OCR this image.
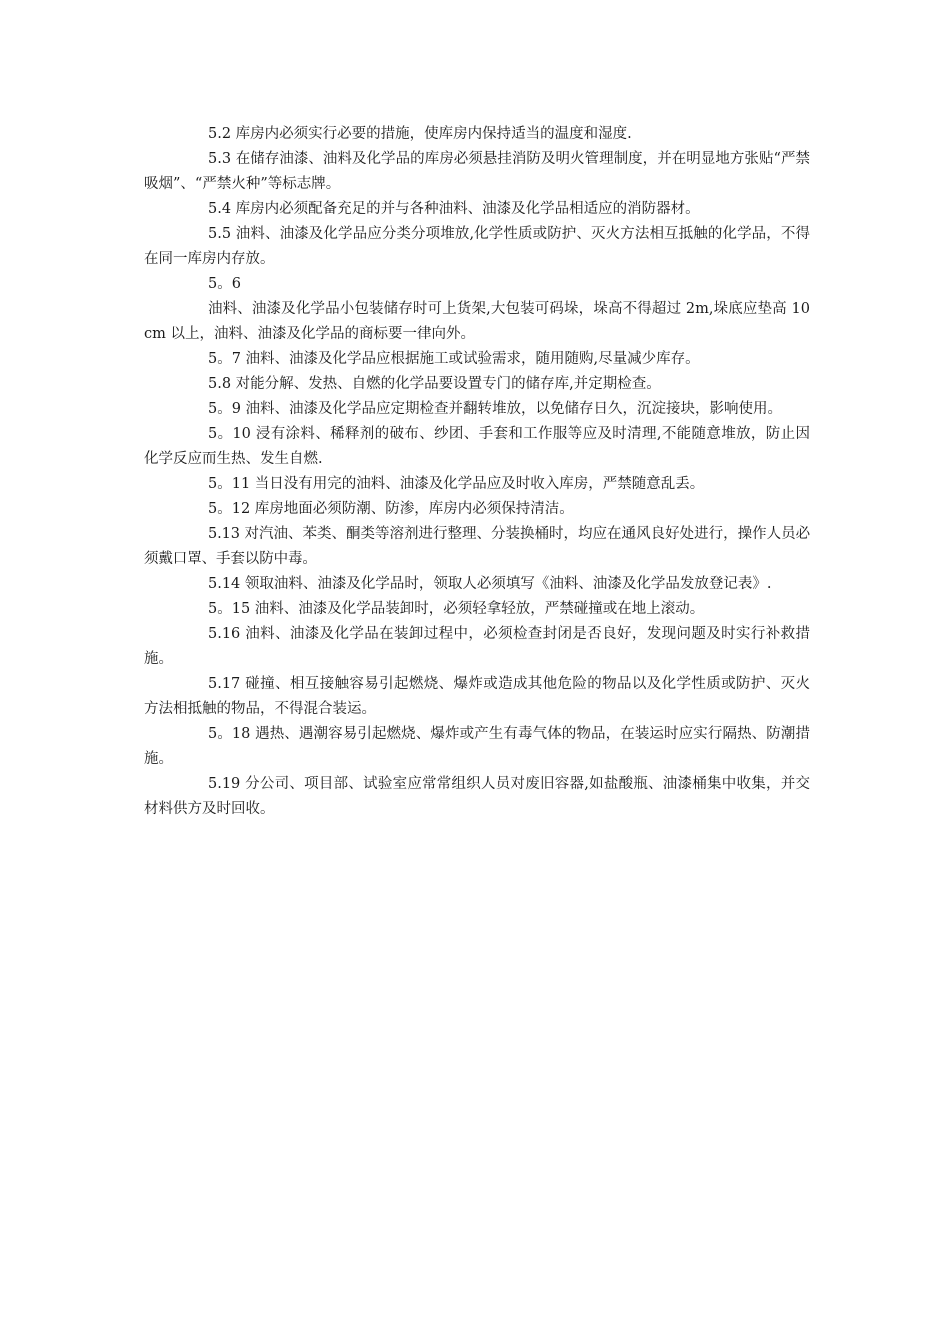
5.2 库房内必须实行必要的措施，使库房内保持适当的温度和湿度.

5.3 在储存油漆、油料及化学品的库房必须悬挂消防及明火管理制度，并在明显地方张贴“严禁吸烟”、“严禁火种”等标志牌。

5.4 库房内必须配备充足的并与各种油料、油漆及化学品相适应的消防器材。

5.5 油料、油漆及化学品应分类分项堆放,化学性质或防护、灭火方法相互抵触的化学品，不得在同一库房内存放。

5。6

油料、油漆及化学品小包装储存时可上货架,大包装可码垛，垛高不得超过 2m,垛底应垫高 10cm 以上，油料、油漆及化学品的商标要一律向外。

5。7 油料、油漆及化学品应根据施工或试验需求，随用随购,尽量减少库存。

5.8 对能分解、发热、自燃的化学品要设置专门的储存库,并定期检查。

5。9 油料、油漆及化学品应定期检查并翻转堆放，以免储存日久，沉淀接块，影响使用。

5。10 浸有涂料、稀释剂的破布、纱团、手套和工作服等应及时清理,不能随意堆放，防止因化学反应而生热、发生自燃.

5。11 当日没有用完的油料、油漆及化学品应及时收入库房，严禁随意乱丢。

5。12 库房地面必须防潮、防渗，库房内必须保持清洁。

5.13 对汽油、苯类、酮类等溶剂进行整理、分装换桶时，均应在通风良好处进行，操作人员必须戴口罩、手套以防中毒。

5.14 领取油料、油漆及化学品时，领取人必须填写《油料、油漆及化学品发放登记表》.

5。15 油料、油漆及化学品装卸时，必须轻拿轻放，严禁碰撞或在地上滚动。

5.16 油料、油漆及化学品在装卸过程中，必须检查封闭是否良好，发现问题及时实行补救措施。

5.17 碰撞、相互接触容易引起燃烧、爆炸或造成其他危险的物品以及化学性质或防护、灭火方法相抵触的物品，不得混合装运。

5。18 遇热、遇潮容易引起燃烧、爆炸或产生有毒气体的物品，在装运时应实行隔热、防潮措施。

5.19 分公司、项目部、试验室应常常组织人员对废旧容器,如盐酸瓶、油漆桶集中收集，并交材料供方及时回收。
